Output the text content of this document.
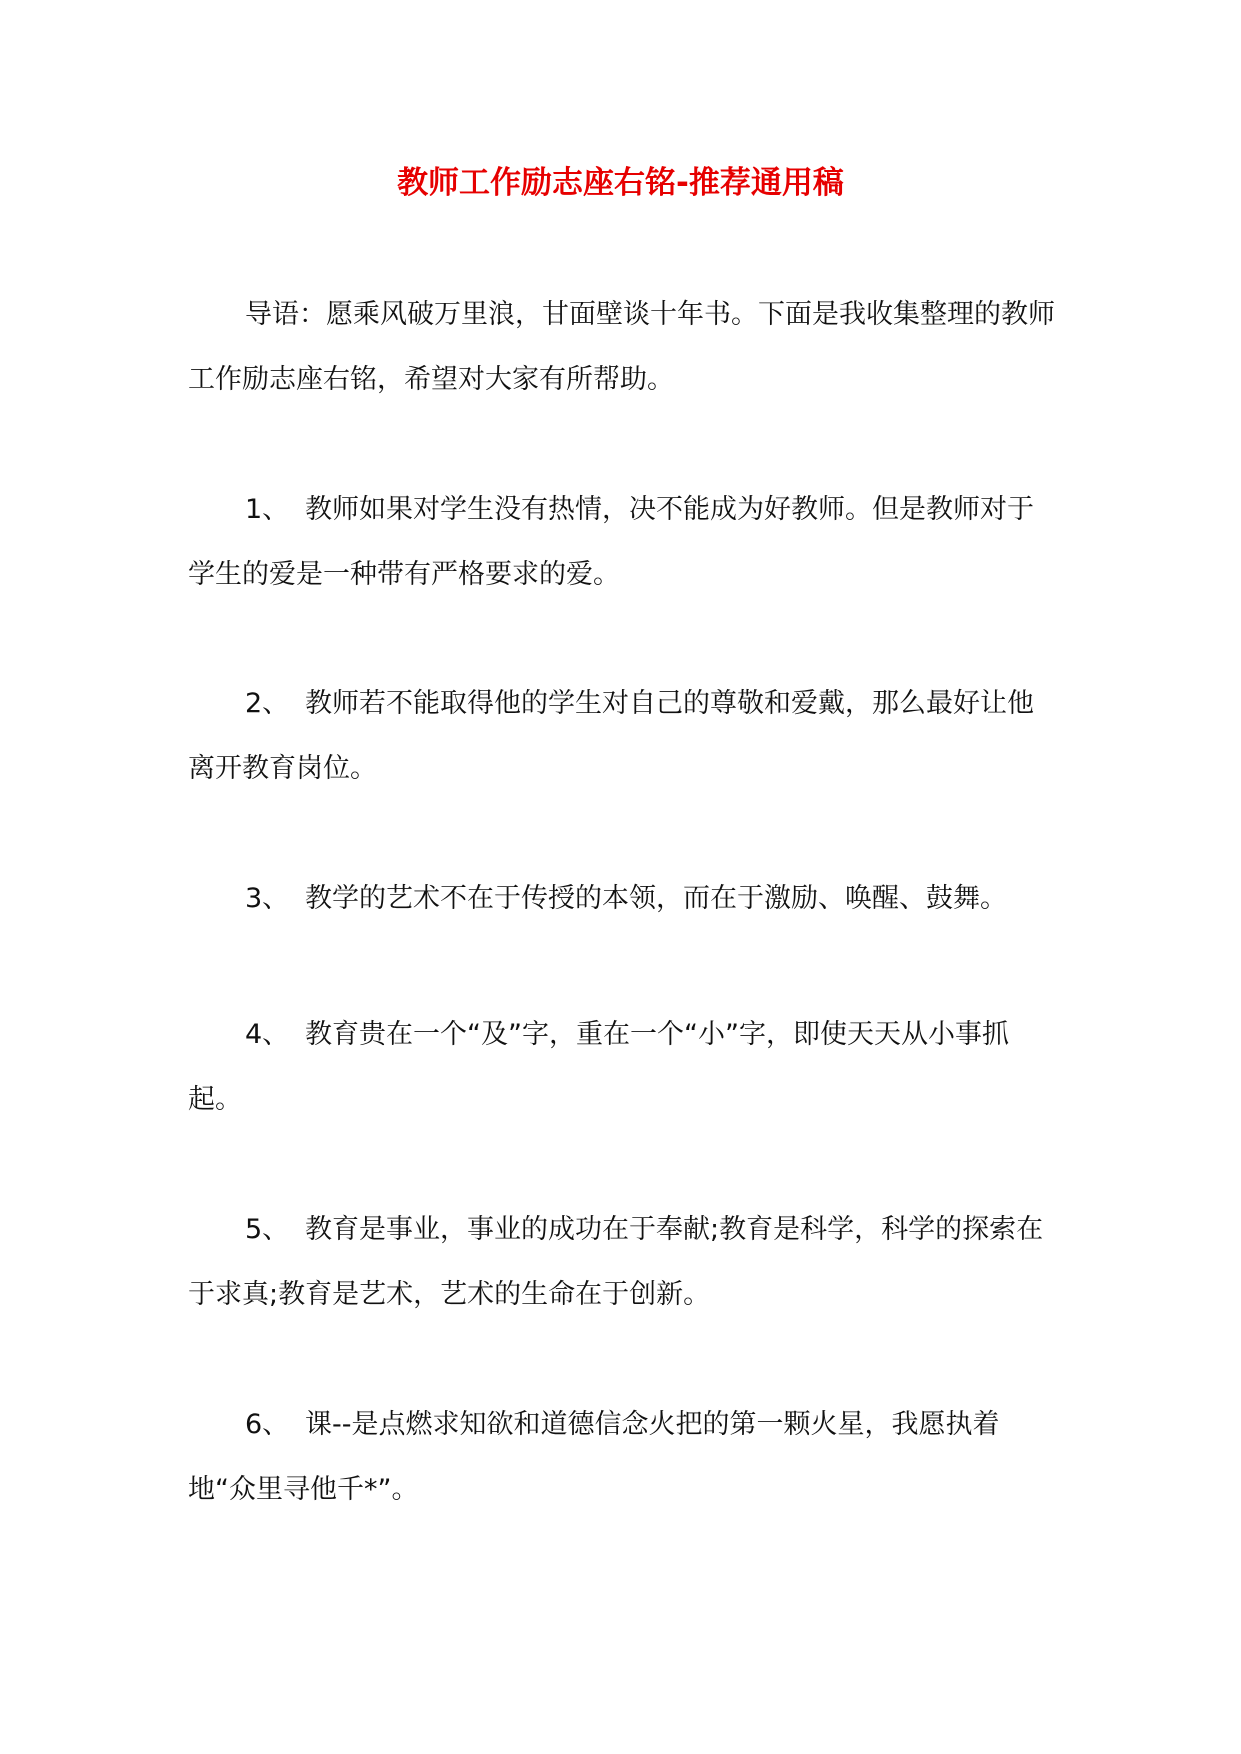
教师工作励志座右铭-推荐通用稿

导语：愿乘风破万里浪，甘面壁谈十年书。下面是我收集整理的教师工作励志座右铭，希望对大家有所帮助。

1、 教师如果对学生没有热情，决不能成为好教师。但是教师对于学生的爱是一种带有严格要求的爱。

2、 教师若不能取得他的学生对自己的尊敬和爱戴，那么最好让他离开教育岗位。

3、 教学的艺术不在于传授的本领，而在于激励、唤醒、鼓舞。

4、 教育贵在一个“及”字，重在一个“小”字，即使天天从小事抓起。

5、 教育是事业，事业的成功在于奉献;教育是科学，科学的探索在于求真;教育是艺术，艺术的生命在于创新。

6、 课--是点燃求知欲和道德信念火把的第一颗火星，我愿执着地“众里寻他千*”。
